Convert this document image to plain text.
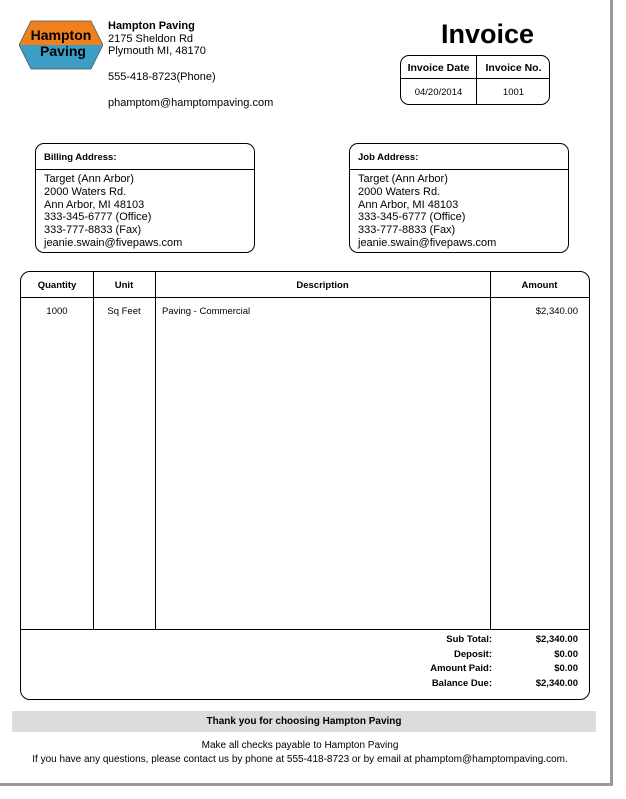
Hampton
Paving
Hampton Paving
2175 Sheldon Rd
Plymouth MI, 48170
555-418-8723(Phone)
phamptom@hamptompaving.com
Invoice
Invoice Date	Invoice No.
04/20/2014	1001
Billing Address:
Target (Ann Arbor)
2000 Waters Rd.
Ann Arbor, MI 48103
333-345-6777 (Office)
333-777-8833 (Fax)
jeanie.swain@fivepaws.com
Job Address:
Target (Ann Arbor)
2000 Waters Rd.
Ann Arbor, MI 48103
333-345-6777 (Office)
333-777-8833 (Fax)
jeanie.swain@fivepaws.com
Quantity	Unit	Description	Amount
1000	Sq Feet	Paving - Commercial	$2,340.00
Sub Total:	$2,340.00
Deposit:	$0.00
Amount Paid:	$0.00
Balance Due:	$2,340.00
Thank you for choosing Hampton Paving
Make all checks payable to Hampton Paving
If you have any questions, please contact us by phone at 555-418-8723 or by email at phamptom@hamptompaving.com.
